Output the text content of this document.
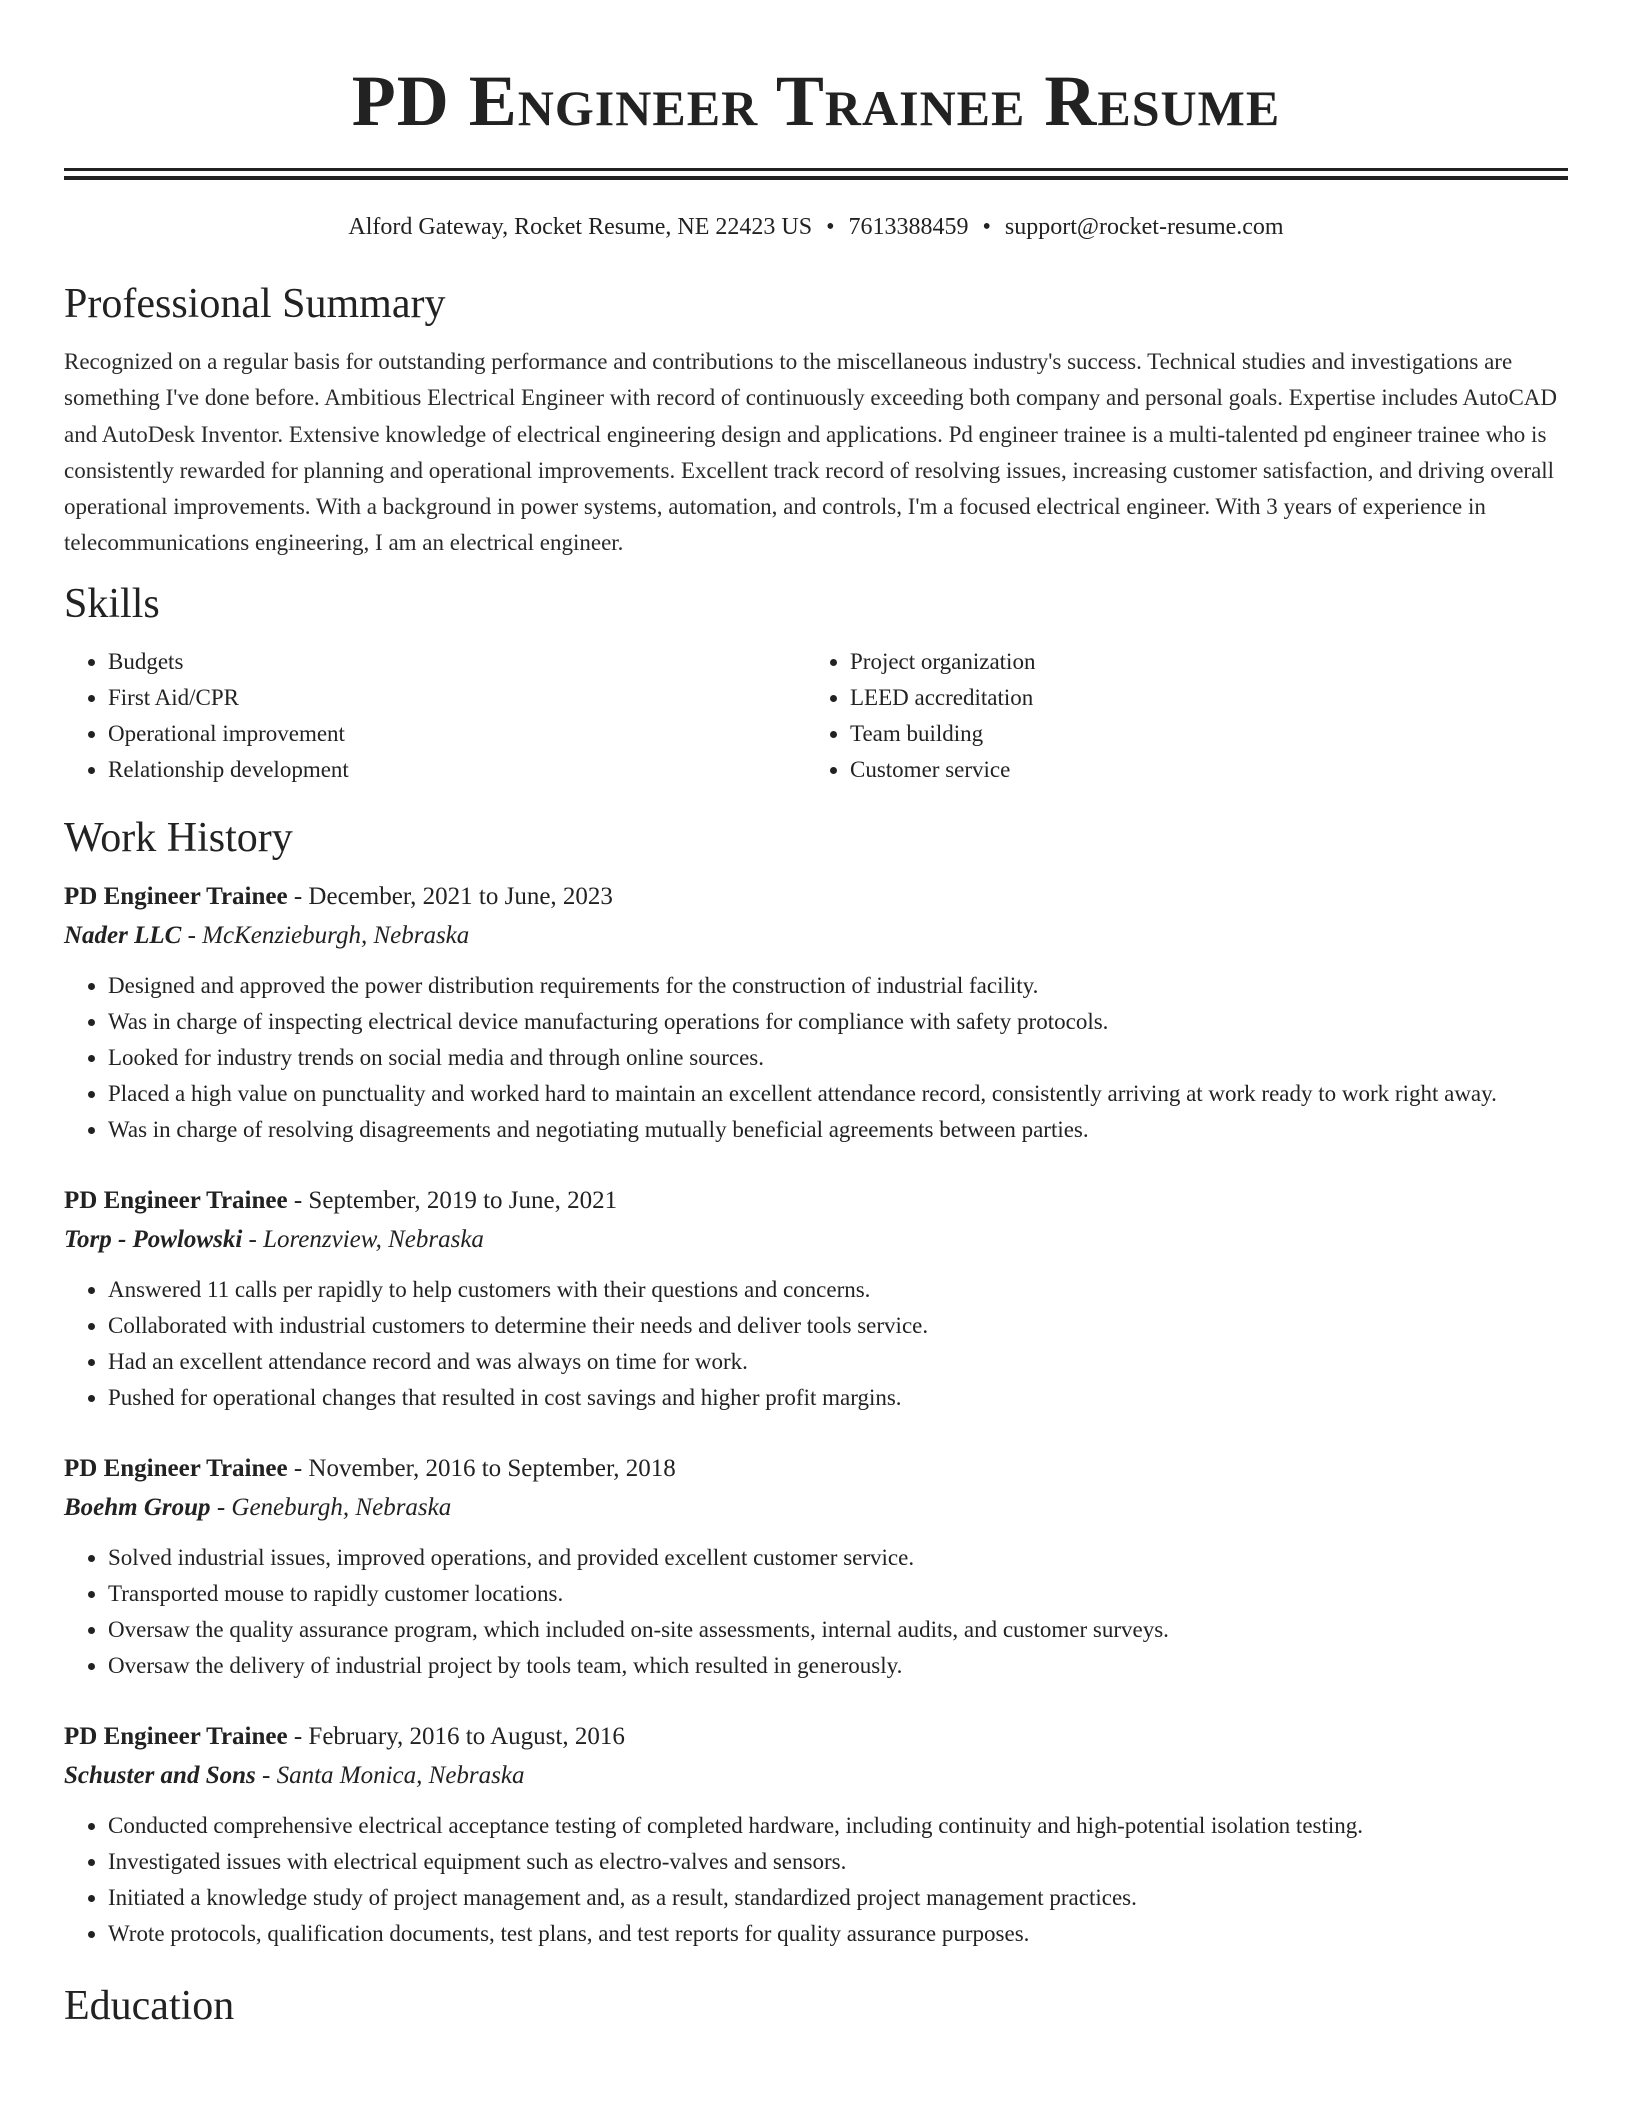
PD Engineer Trainee Resume
Alford Gateway, Rocket Resume, NE 22423 US • 7613388459 • support@rocket-resume.com
Professional Summary
Recognized on a regular basis for outstanding performance and contributions to the miscellaneous industry's success. Technical studies and investigations are something I've done before. Ambitious Electrical Engineer with record of continuously exceeding both company and personal goals. Expertise includes AutoCAD and AutoDesk Inventor. Extensive knowledge of electrical engineering design and applications. Pd engineer trainee is a multi-talented pd engineer trainee who is consistently rewarded for planning and operational improvements. Excellent track record of resolving issues, increasing customer satisfaction, and driving overall operational improvements. With a background in power systems, automation, and controls, I'm a focused electrical engineer. With 3 years of experience in telecommunications engineering, I am an electrical engineer.
Skills
• Budgets
• First Aid/CPR
• Operational improvement
• Relationship development
• Project organization
• LEED accreditation
• Team building
• Customer service
Work History
PD Engineer Trainee - December, 2021 to June, 2023
Nader LLC - McKenzieburgh, Nebraska
• Designed and approved the power distribution requirements for the construction of industrial facility.
• Was in charge of inspecting electrical device manufacturing operations for compliance with safety protocols.
• Looked for industry trends on social media and through online sources.
• Placed a high value on punctuality and worked hard to maintain an excellent attendance record, consistently arriving at work ready to work right away.
• Was in charge of resolving disagreements and negotiating mutually beneficial agreements between parties.
PD Engineer Trainee - September, 2019 to June, 2021
Torp - Powlowski - Lorenzview, Nebraska
• Answered 11 calls per rapidly to help customers with their questions and concerns.
• Collaborated with industrial customers to determine their needs and deliver tools service.
• Had an excellent attendance record and was always on time for work.
• Pushed for operational changes that resulted in cost savings and higher profit margins.
PD Engineer Trainee - November, 2016 to September, 2018
Boehm Group - Geneburgh, Nebraska
• Solved industrial issues, improved operations, and provided excellent customer service.
• Transported mouse to rapidly customer locations.
• Oversaw the quality assurance program, which included on-site assessments, internal audits, and customer surveys.
• Oversaw the delivery of industrial project by tools team, which resulted in generously.
PD Engineer Trainee - February, 2016 to August, 2016
Schuster and Sons - Santa Monica, Nebraska
• Conducted comprehensive electrical acceptance testing of completed hardware, including continuity and high-potential isolation testing.
• Investigated issues with electrical equipment such as electro-valves and sensors.
• Initiated a knowledge study of project management and, as a result, standardized project management practices.
• Wrote protocols, qualification documents, test plans, and test reports for quality assurance purposes.
Education
